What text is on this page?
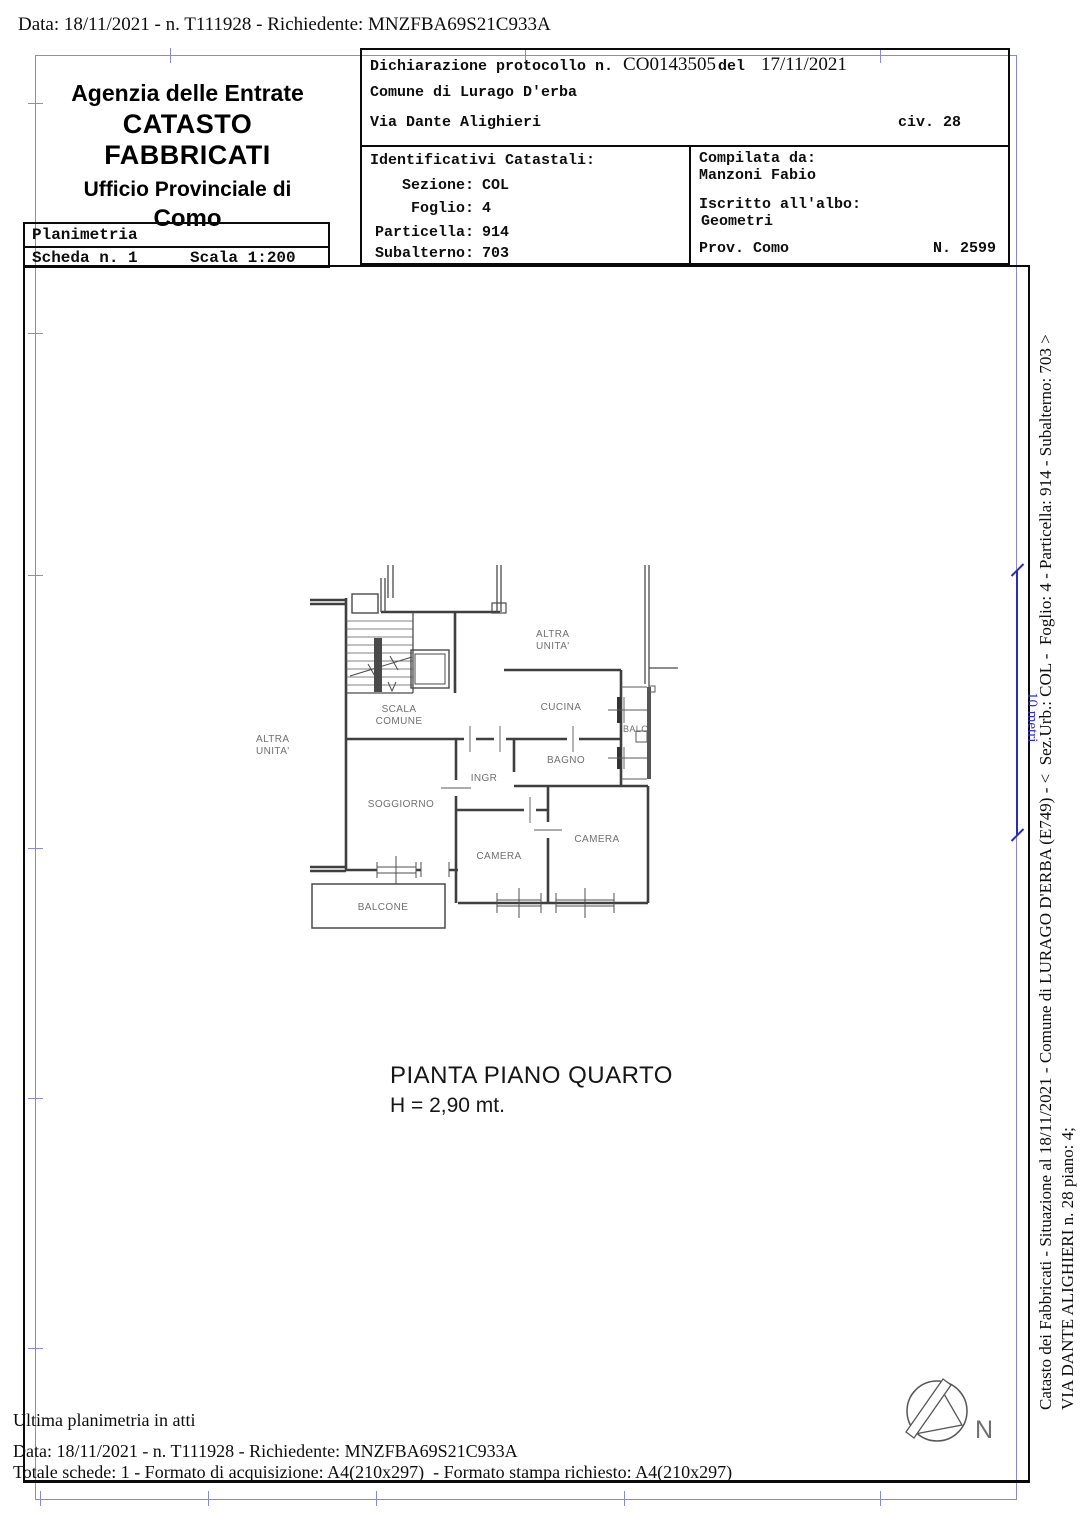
Data: 18/11/2021 - n. T111928 - Richiedente: MNZFBA69S21C933A
Agenzia delle Entrate
CATASTO FABBRICATI
Ufficio Provinciale di
Como
Planimetria
Scheda n. 1	Scala 1:200
Dichiarazione protocollo n. CO0143505 del 17/11/2021
Comune di Lurago D'erba
Via Dante Alighieri	civ. 28
Identificativi Catastali:
Sezione: COL
Foglio: 4
Particella: 914
Subalterno: 703
Compilata da:
Manzoni Fabio
Iscritto all'albo:
Geometri
Prov. Como	N. 2599
ALTRA
UNITA'
ALTRA
UNITA'
SCALA
COMUNE
CUCINA
BAGNO
INGR
SOGGIORNO
CAMERA
CAMERA
BALCONE
BALC
PIANTA PIANO QUARTO
H = 2,90 mt.
10 metri
Catasto dei Fabbricati - Situazione al 18/11/2021 - Comune di LURAGO D'ERBA (E749) - <  Sez.Urb.: COL -  Foglio: 4 - Particella: 914 - Subalterno: 703 > VIA DANTE ALIGHIERI n. 28 piano: 4;
N
Ultima planimetria in atti
Data: 18/11/2021 - n. T111928 - Richiedente: MNZFBA69S21C933A
Totale schede: 1 - Formato di acquisizione: A4(210x297)  - Formato stampa richiesto: A4(210x297)
